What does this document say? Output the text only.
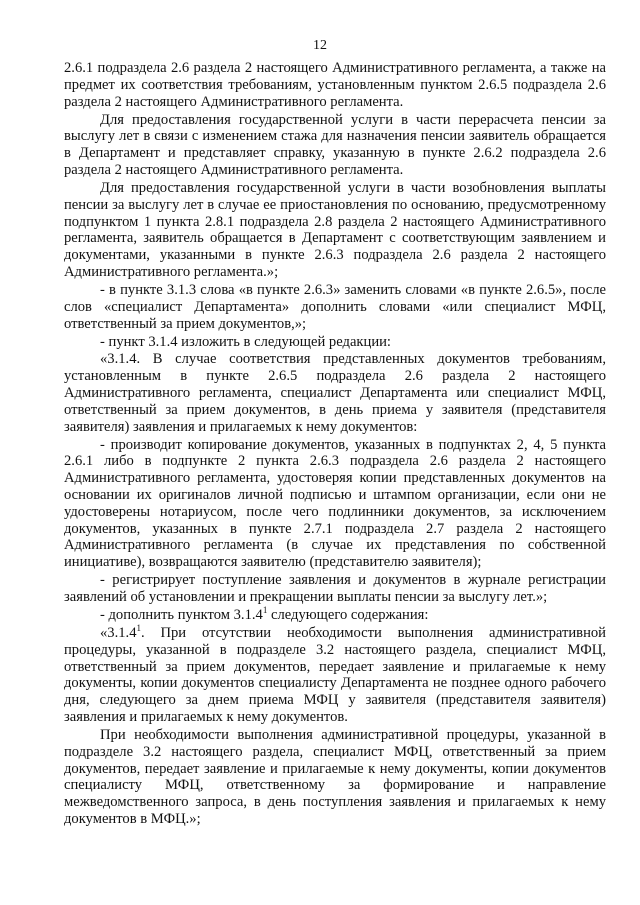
12

2.6.1 подраздела 2.6 раздела 2 настоящего Административного регламента, а также на предмет их соответствия требованиям, установленным пунктом 2.6.5 подраздела 2.6 раздела 2 настоящего Административного регламента.

Для предоставления государственной услуги в части перерасчета пенсии за выслугу лет в связи с изменением стажа для назначения пенсии заявитель обращается в Департамент и представляет справку, указанную в пункте 2.6.2 подраздела 2.6 раздела 2 настоящего Административного регламента.

Для предоставления государственной услуги в части возобновления выплаты пенсии за выслугу лет в случае ее приостановления по основанию, предусмотренному подпунктом 1 пункта 2.8.1 подраздела 2.8 раздела 2 настоящего Административного регламента, заявитель обращается в Департамент с соответствующим заявлением и документами, указанными в пункте 2.6.3 подраздела 2.6 раздела 2 настоящего Административного регламента.»;

- в пункте 3.1.3 слова «в пункте 2.6.3» заменить словами «в пункте 2.6.5», после слов «специалист Департамента» дополнить словами «или специалист МФЦ, ответственный за прием документов,»;

- пункт 3.1.4 изложить в следующей редакции:

«3.1.4. В случае соответствия представленных документов требованиям, установленным в пункте 2.6.5 подраздела 2.6 раздела 2 настоящего Административного регламента, специалист Департамента или специалист МФЦ, ответственный за прием документов, в день приема у заявителя (представителя заявителя) заявления и прилагаемых к нему документов:

- производит копирование документов, указанных в подпунктах 2, 4, 5 пункта 2.6.1 либо в подпункте 2 пункта 2.6.3 подраздела 2.6 раздела 2 настоящего Административного регламента, удостоверяя копии представленных документов на основании их оригиналов личной подписью и штампом организации, если они не удостоверены нотариусом, после чего подлинники документов, за исключением документов, указанных в пункте 2.7.1 подраздела 2.7 раздела 2 настоящего Административного регламента (в случае их представления по собственной инициативе), возвращаются заявителю (представителю заявителя);

- регистрирует поступление заявления и документов в журнале регистрации заявлений об установлении и прекращении выплаты пенсии за выслугу лет.»;

- дополнить пунктом 3.1.4$^1$ следующего содержания:

«3.1.4$^1$. При отсутствии необходимости выполнения административной процедуры, указанной в подразделе 3.2 настоящего раздела, специалист МФЦ, ответственный за прием документов, передает заявление и прилагаемые к нему документы, копии документов специалисту Департамента не позднее одного рабочего дня, следующего за днем приема МФЦ у заявителя (представителя заявителя) заявления и прилагаемых к нему документов.

При необходимости выполнения административной процедуры, указанной в подразделе 3.2 настоящего раздела, специалист МФЦ, ответственный за прием документов, передает заявление и прилагаемые к нему документы, копии документов специалисту МФЦ, ответственному за формирование и направление межведомственного запроса, в день поступления заявления и прилагаемых к нему документов в МФЦ.»;
